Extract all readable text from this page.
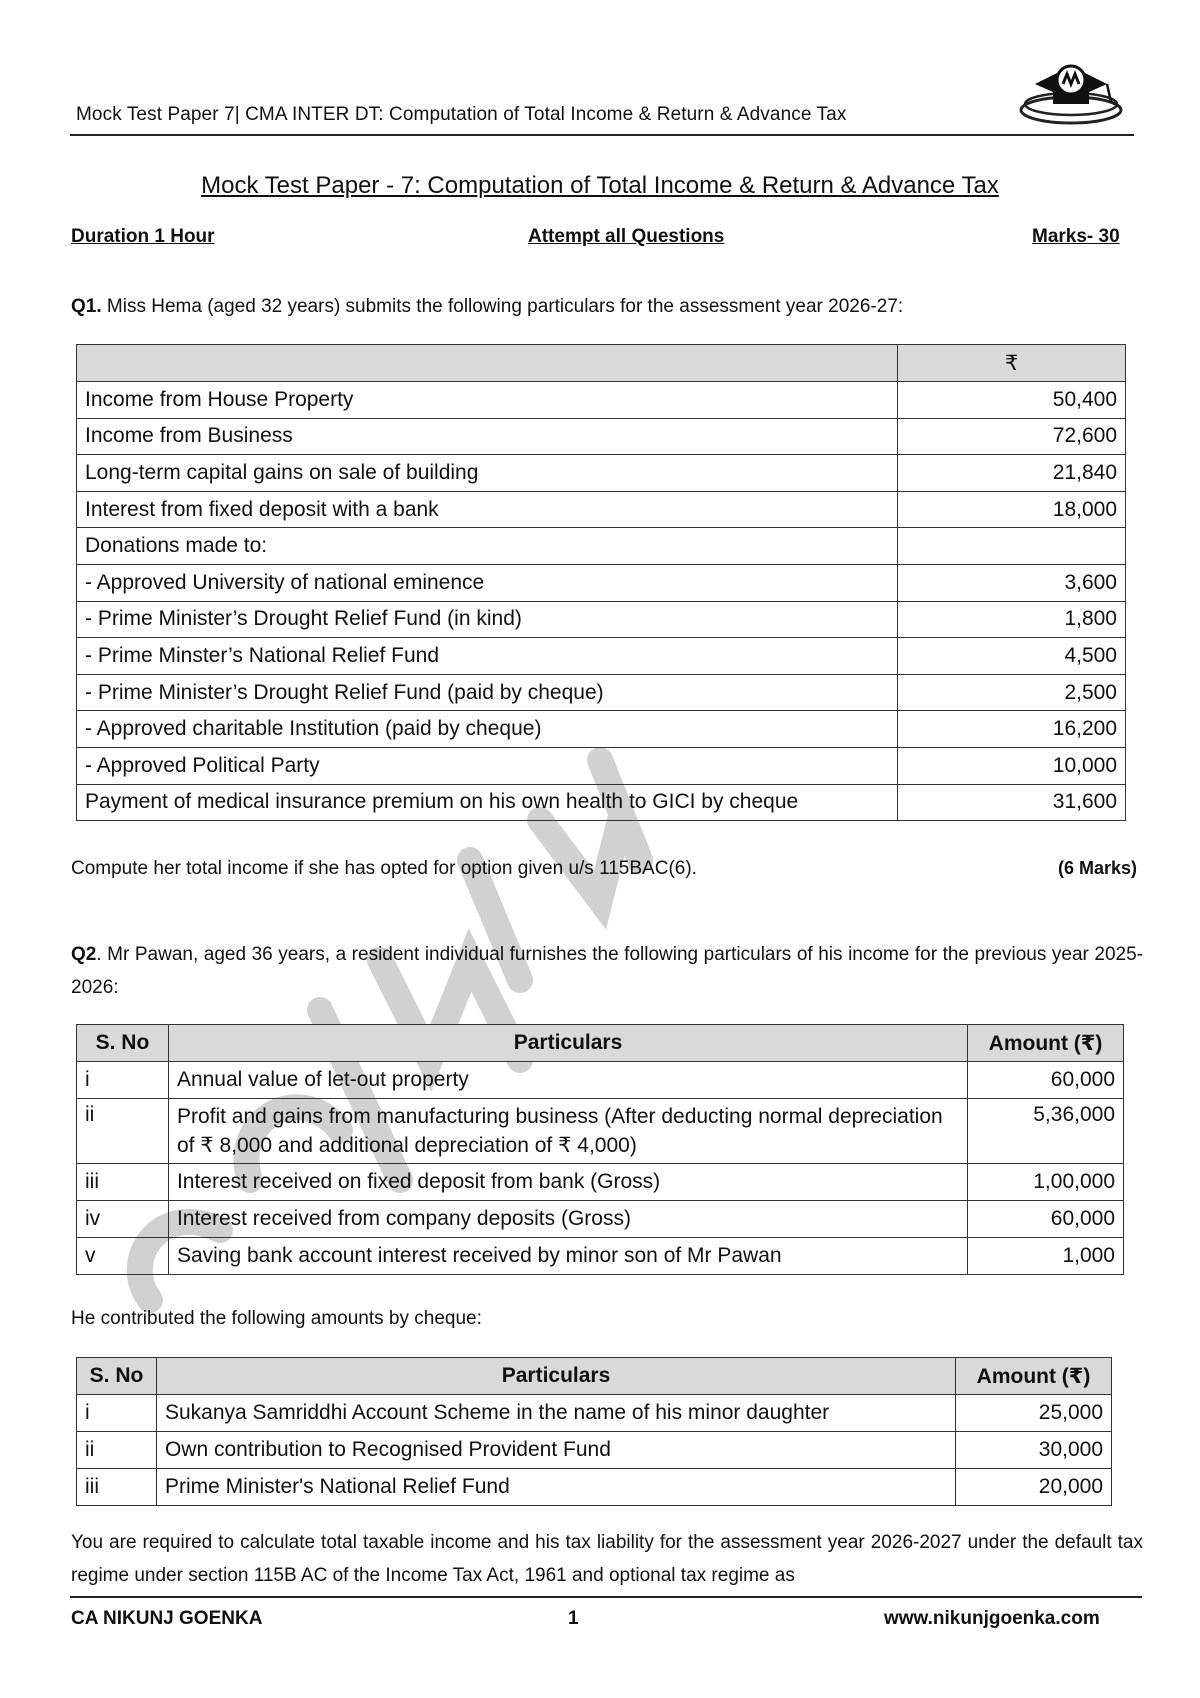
Mock Test Paper 7| CMA INTER DT: Computation of Total Income & Return & Advance Tax
Mock Test Paper - 7: Computation of Total Income & Return & Advance Tax
Duration 1 Hour	Attempt all Questions	Marks- 30
Q1. Miss Hema (aged 32 years) submits the following particulars for the assessment year 2026-27:
	₹
Income from House Property	50,400
Income from Business	72,600
Long-term capital gains on sale of building	21,840
Interest from fixed deposit with a bank	18,000
Donations made to:	
- Approved University of national eminence	3,600
- Prime Minister’s Drought Relief Fund (in kind)	1,800
- Prime Minster’s National Relief Fund	4,500
- Prime Minister’s Drought Relief Fund (paid by cheque)	2,500
- Approved charitable Institution (paid by cheque)	16,200
- Approved Political Party	10,000
Payment of medical insurance premium on his own health to GICI by cheque	31,600
Compute her total income if she has opted for option given u/s 115BAC(6).	(6 Marks)
Q2. Mr Pawan, aged 36 years, a resident individual furnishes the following particulars of his income for the previous year 2025-2026:
S. No	Particulars	Amount (₹)
i	Annual value of let-out property	60,000
ii	Profit and gains from manufacturing business (After deducting normal depreciation of ₹ 8,000 and additional depreciation of ₹ 4,000)	5,36,000
iii	Interest received on fixed deposit from bank (Gross)	1,00,000
iv	Interest received from company deposits (Gross)	60,000
v	Saving bank account interest received by minor son of Mr Pawan	1,000
He contributed the following amounts by cheque:
S. No	Particulars	Amount (₹)
i	Sukanya Samriddhi Account Scheme in the name of his minor daughter	25,000
ii	Own contribution to Recognised Provident Fund	30,000
iii	Prime Minister's National Relief Fund	20,000
You are required to calculate total taxable income and his tax liability for the assessment year 2026-2027 under the default tax regime under section 115B AC of the Income Tax Act, 1961 and optional tax regime as
CA NIKUNJ GOENKA	1	www.nikunjgoenka.com
